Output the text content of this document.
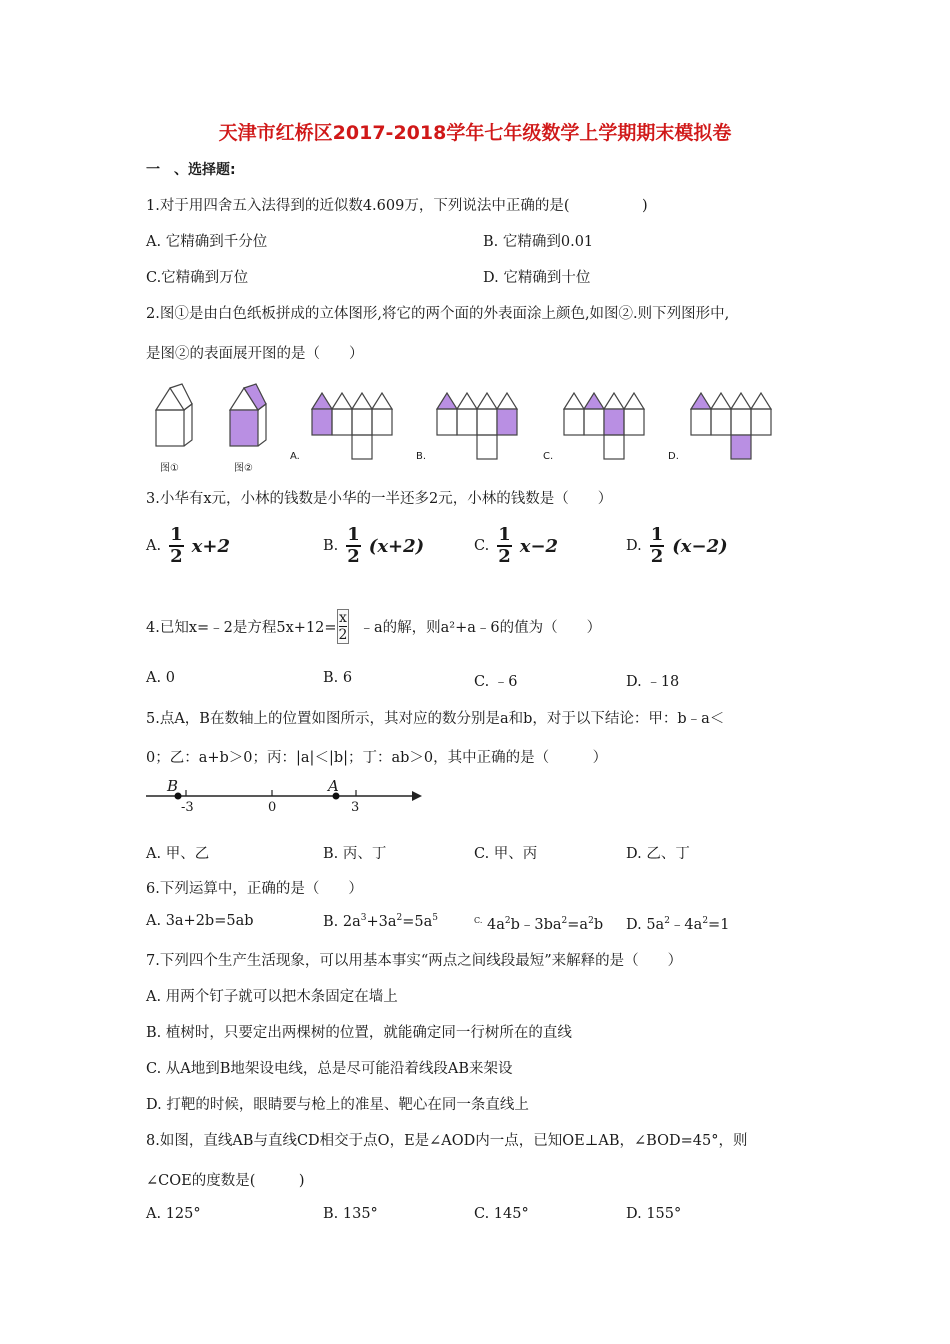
天津市红桥区2017-2018学年七年级数学上学期期末模拟卷
一　、选择题:
1.对于用四舍五入法得到的近似数4.609万，下列说法中正确的是(　　　　　)
A. 它精确到千分位	B. 它精确到0.01
C.它精确到万位	D. 它精确到十位
2.图①是由白色纸板拼成的立体图形,将它的两个面的外表面涂上颜色,如图②.则下列图形中,
是图②的表面展开图的是（　　）
图①	图②
A.	B.	C.	D.
3.小华有x元，小林的钱数是小华的一半还多2元，小林的钱数是（　　）
A. $\frac{1}{2} x+2$	B. $\frac{1}{2} (x+2)$	C. $\frac{1}{2} x-2$	D. $\frac{1}{2} (x-2)$
4.已知x=﹣2是方程$5x+12= \frac{x}{2}$ ﹣a的解，则a²+a﹣6的值为（　　）
A. 0	B. 6	C. ﹣6	D. ﹣18
5.点A，B在数轴上的位置如图所示，其对应的数分别是a和b，对于以下结论：甲：b﹣a＜
0；乙：a+b＞0；丙：|a|＜|b|；丁：ab＞0，其中正确的是（　　　）
B	A
-3	0	3
A. 甲、乙	B. 丙、丁	C. 甲、丙	D. 乙、丁
6.下列运算中，正确的是（　　）
A. 3a+2b=5ab	B. $2a^3+3a^2=5a^5$	$^{C.}$ $4a^2b﹣3ba^2=a^2b$ D. $5a^2﹣4a^2=1$
7.下列四个生产生活现象，可以用基本事实“两点之间线段最短”来解释的是（　　）
A. 用两个钉子就可以把木条固定在墙上
B. 植树时，只要定出两棵树的位置，就能确定同一行树所在的直线
C. 从A地到B地架设电线，总是尽可能沿着线段AB来架设
D. 打靶的时候，眼睛要与枪上的准星、靶心在同一条直线上
8.如图，直线AB与直线CD相交于点O，E是∠AOD内一点，已知OE⊥AB，∠BOD=45°，则
∠COE的度数是(　　　)
A. 125°	B. 135°	C. 145°	D. 155°
